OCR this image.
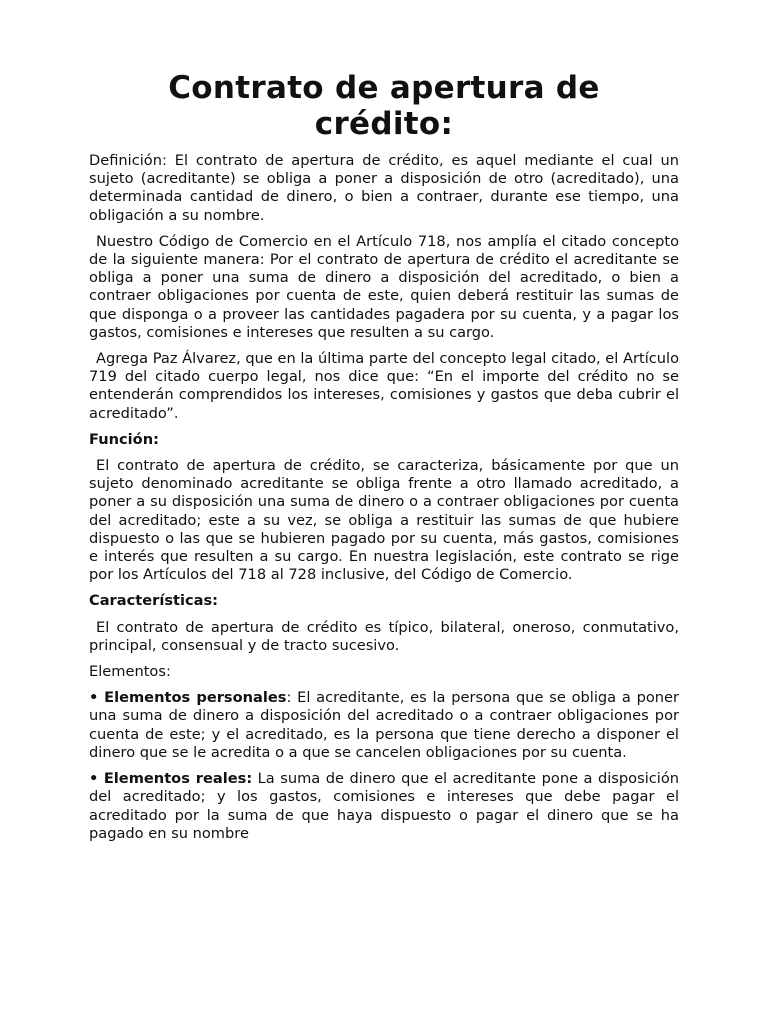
Contrato de apertura de crédito:

Definición: El contrato de apertura de crédito, es aquel mediante el cual un sujeto (acreditante) se obliga a poner a disposición de otro (acreditado), una determinada cantidad de dinero, o bien a contraer, durante ese tiempo, una obligación a su nombre.

Nuestro Código de Comercio en el Artículo 718, nos amplía el citado concepto de la siguiente manera: Por el contrato de apertura de crédito el acreditante se obliga a poner una suma de dinero a disposición del acreditado, o bien a contraer obligaciones por cuenta de este, quien deberá restituir las sumas de que disponga o a proveer las cantidades pagadera por su cuenta, y a pagar los gastos, comisiones e intereses que resulten a su cargo.

Agrega Paz Álvarez, que en la última parte del concepto legal citado, el Artículo 719 del citado cuerpo legal, nos dice que: “En el importe del crédito no se entenderán comprendidos los intereses, comisiones y gastos que deba cubrir el acreditado”.

Función:

El contrato de apertura de crédito, se caracteriza, básicamente por que un sujeto denominado acreditante se obliga frente a otro llamado acreditado, a poner a su disposición una suma de dinero o a contraer obligaciones por cuenta del acreditado; este a su vez, se obliga a restituir las sumas de que hubiere dispuesto o las que se hubieren pagado por su cuenta, más gastos, comisiones e interés que resulten a su cargo. En nuestra legislación, este contrato se rige por los Artículos del 718 al 728 inclusive, del Código de Comercio.

Características:

El contrato de apertura de crédito es típico, bilateral, oneroso, conmutativo, principal, consensual y de tracto sucesivo.

Elementos:

• Elementos personales: El acreditante, es la persona que se obliga a poner una suma de dinero a disposición del acreditado o a contraer obligaciones por cuenta de este; y el acreditado, es la persona que tiene derecho a disponer el dinero que se le acredita o a que se cancelen obligaciones por su cuenta.

• Elementos reales: La suma de dinero que el acreditante pone a disposición del acreditado; y los gastos, comisiones e intereses que debe pagar el acreditado por la suma de que haya dispuesto o pagar el dinero que se ha pagado en su nombre
